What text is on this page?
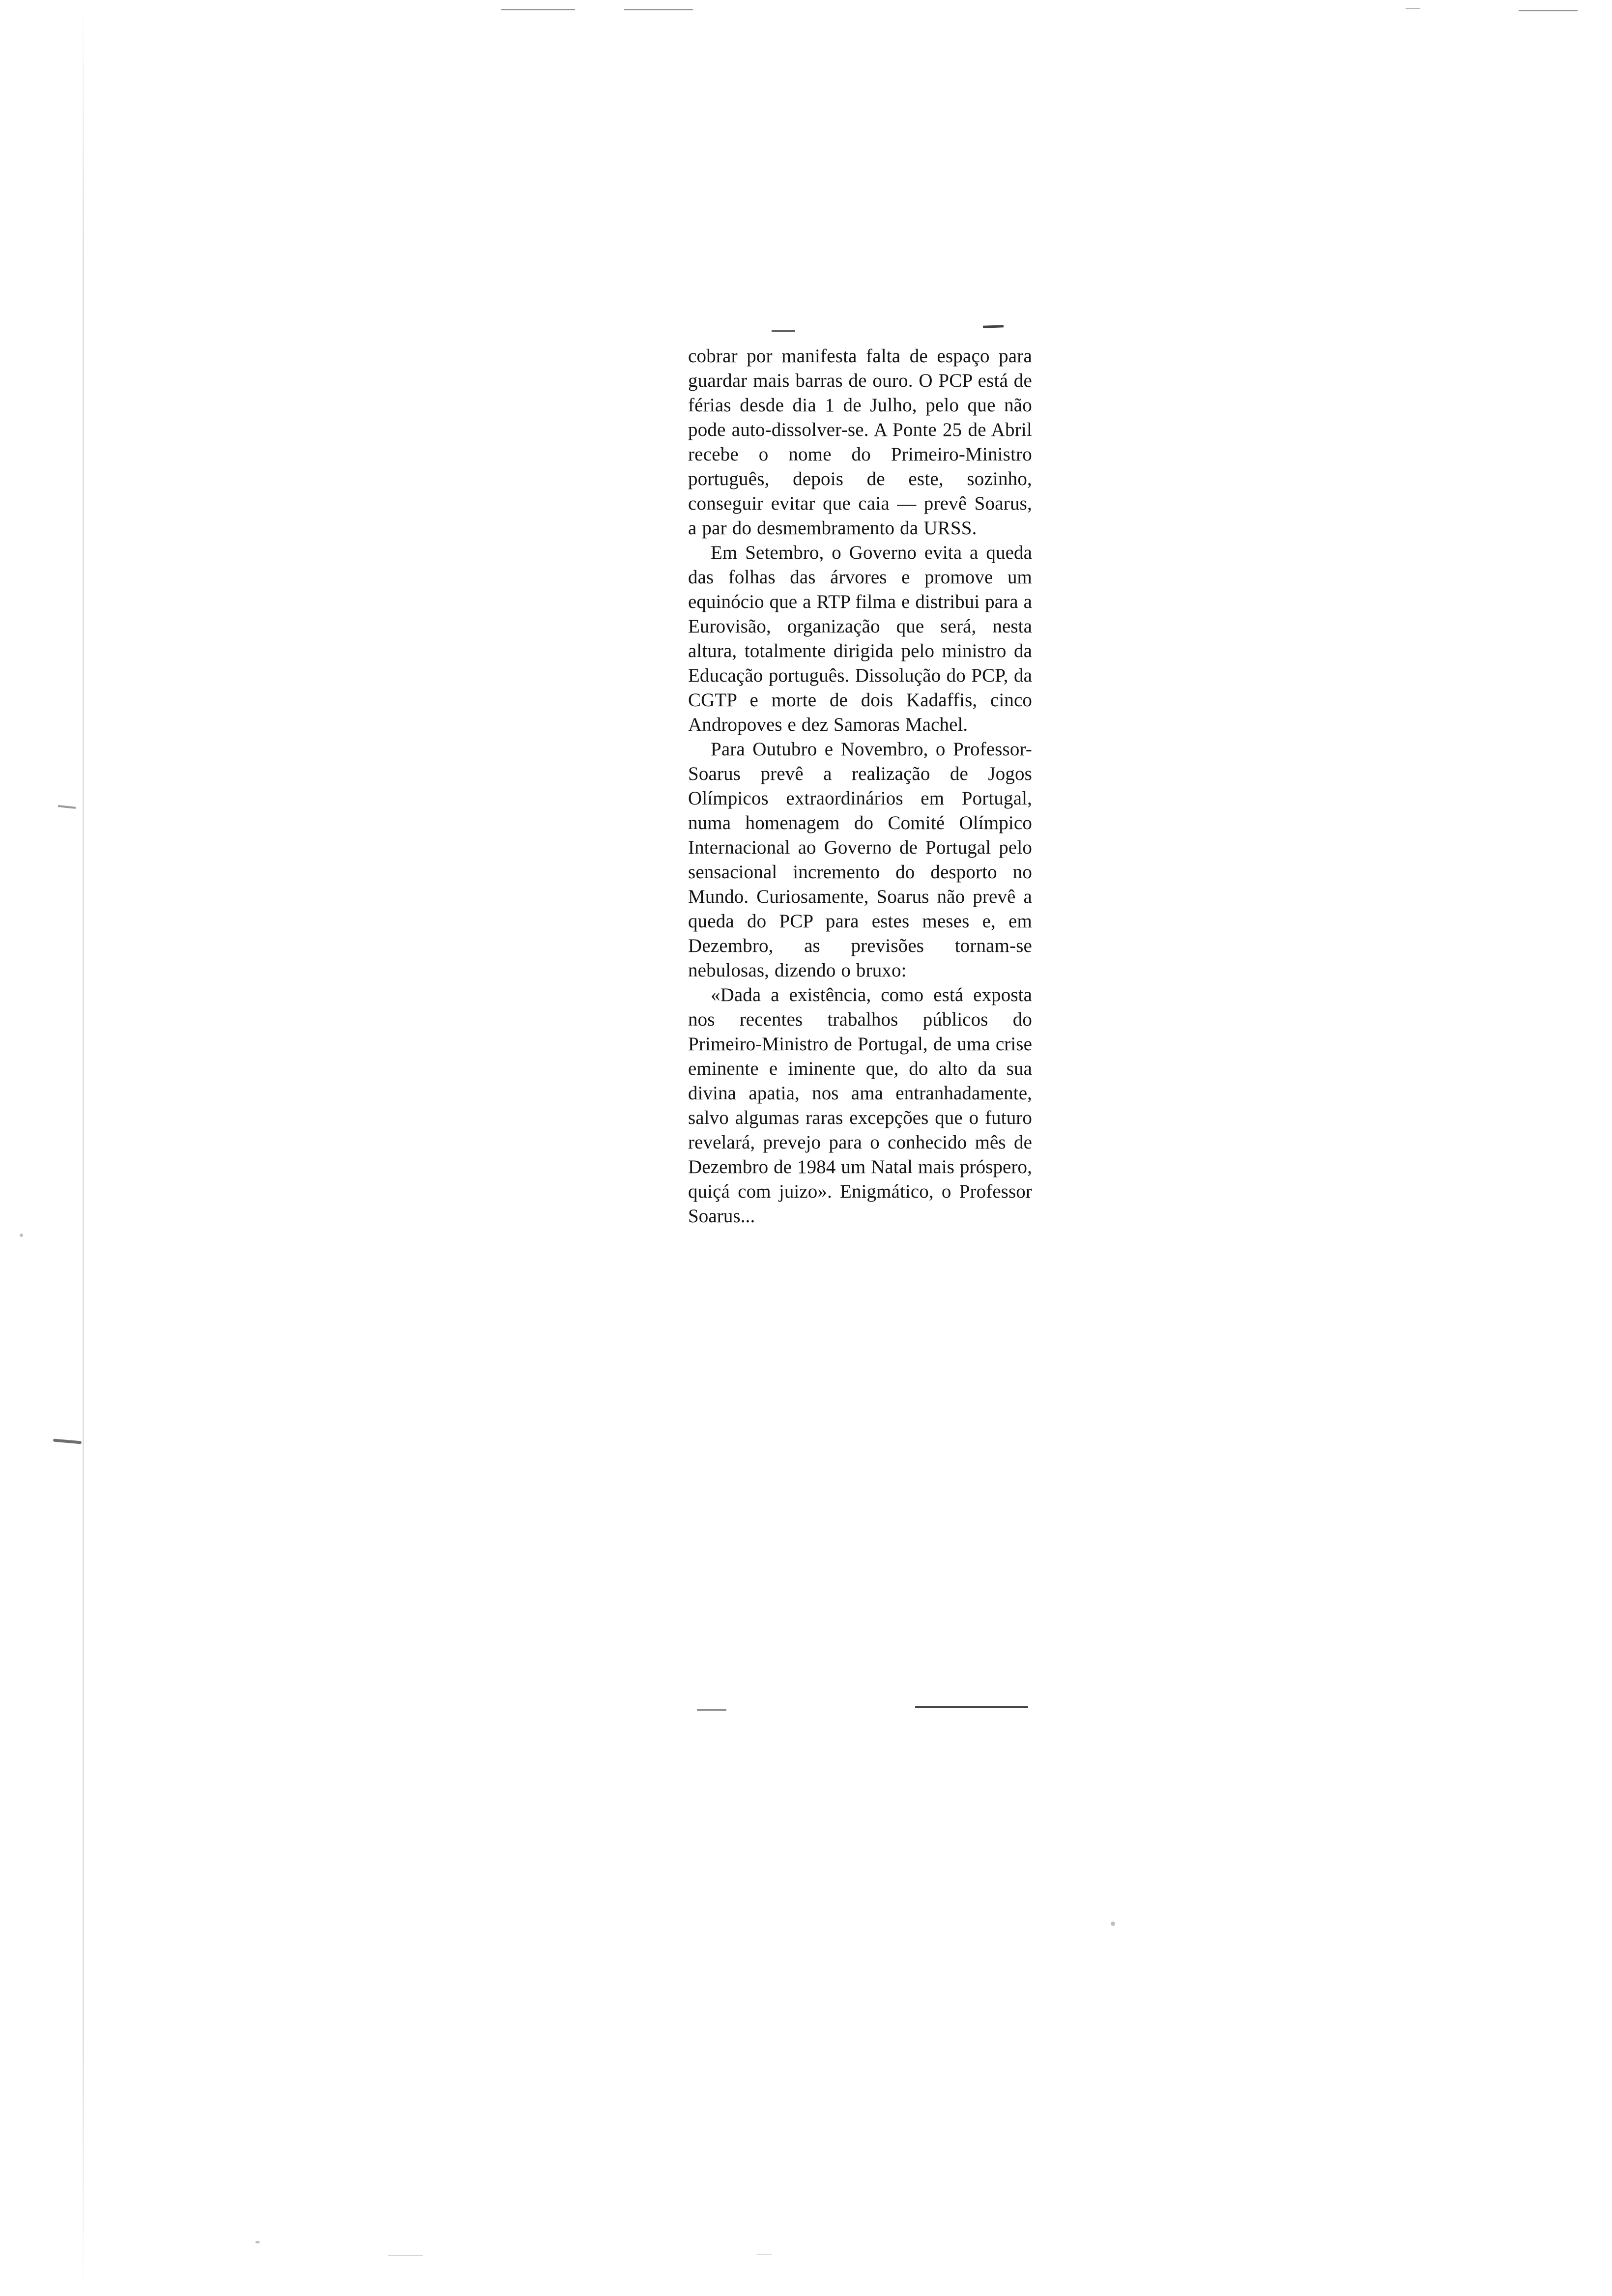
cobrar por manifesta falta de espaço para guardar mais barras de ouro. O PCP está de férias desde dia 1 de Julho, pelo que não pode auto-dissolver-se. A Ponte 25 de Abril recebe o nome do Primeiro-Ministro português, depois de este, sozinho, conseguir evitar que caia — prevê Soarus, a par do desmembramento da URSS.

Em Setembro, o Governo evita a queda das folhas das árvores e promove um equinócio que a RTP filma e distribui para a Eurovisão, organização que será, nesta altura, totalmente dirigida pelo ministro da Educação português. Dissolução do PCP, da CGTP e morte de dois Kadaffis, cinco Andropoves e dez Samoras Machel.

Para Outubro e Novembro, o Professor-Soarus prevê a realização de Jogos Olímpicos extraordinários em Portugal, numa homenagem do Comité Olímpico Internacional ao Governo de Portugal pelo sensacional incremento do desporto no Mundo. Curiosamente, Soarus não prevê a queda do PCP para estes meses e, em Dezembro, as previsões tornam-se nebulosas, dizendo o bruxo:

«Dada a existência, como está exposta nos recentes trabalhos públicos do Primeiro-Ministro de Portugal, de uma crise eminente e iminente que, do alto da sua divina apatia, nos ama entranhadamente, salvo algumas raras excepções que o futuro revelará, prevejo para o conhecido mês de Dezembro de 1984 um Natal mais próspero, quiçá com juizo». Enigmático, o Professor Soarus...
